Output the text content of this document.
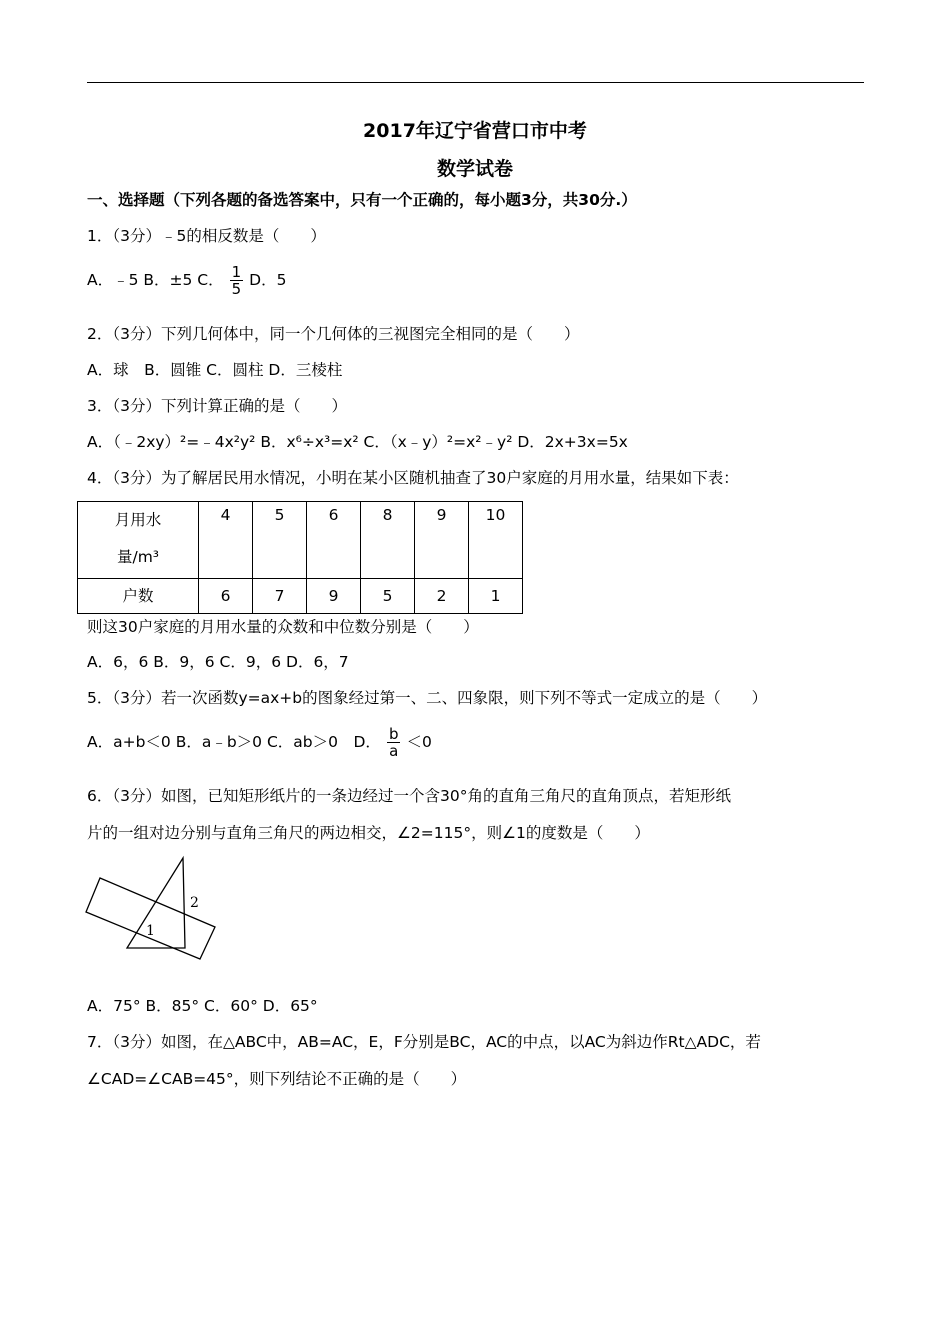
2017年辽宁省营口市中考
数学试卷
一、选择题（下列各题的备选答案中，只有一个正确的，每小题3分，共30分.）
1．（3分）﹣5的相反数是（　　）
A．﹣5 B．±5 C． $\frac{1}{5}$ D．5
2．（3分）下列几何体中，同一个几何体的三视图完全相同的是（　　）
A．球　B．圆锥 C．圆柱 D．三棱柱
3．（3分）下列计算正确的是（　　）
A．（﹣2xy）²=﹣4x²y² B．x⁶÷x³=x² C．（x﹣y）²=x²﹣y² D．2x+3x=5x
4．（3分）为了解居民用水情况，小明在某小区随机抽查了30户家庭的月用水量，结果如下表：
月用水
量/m³	4	5	6	8	9	10
户数	6	7	9	5	2	1
则这30户家庭的月用水量的众数和中位数分别是（　　）
A．6，6 B．9，6 C．9，6 D．6，7
5．（3分）若一次函数y=ax+b的图象经过第一、二、四象限，则下列不等式一定成立的是（　　）
A．a+b＜0 B．a﹣b＞0 C．ab＞0　D． $\frac{b}{a} <0$
6．（3分）如图，已知矩形纸片的一条边经过一个含30°角的直角三角尺的直角顶点，若矩形纸
片的一组对边分别与直角三角尺的两边相交，∠2=115°，则∠1的度数是（　　）
2
1
A．75° B．85° C．60° D．65°
7．（3分）如图，在△ABC中，AB=AC，E，F分别是BC，AC的中点，以AC为斜边作Rt△ADC，若
∠CAD=∠CAB=45°，则下列结论不正确的是（　　）
